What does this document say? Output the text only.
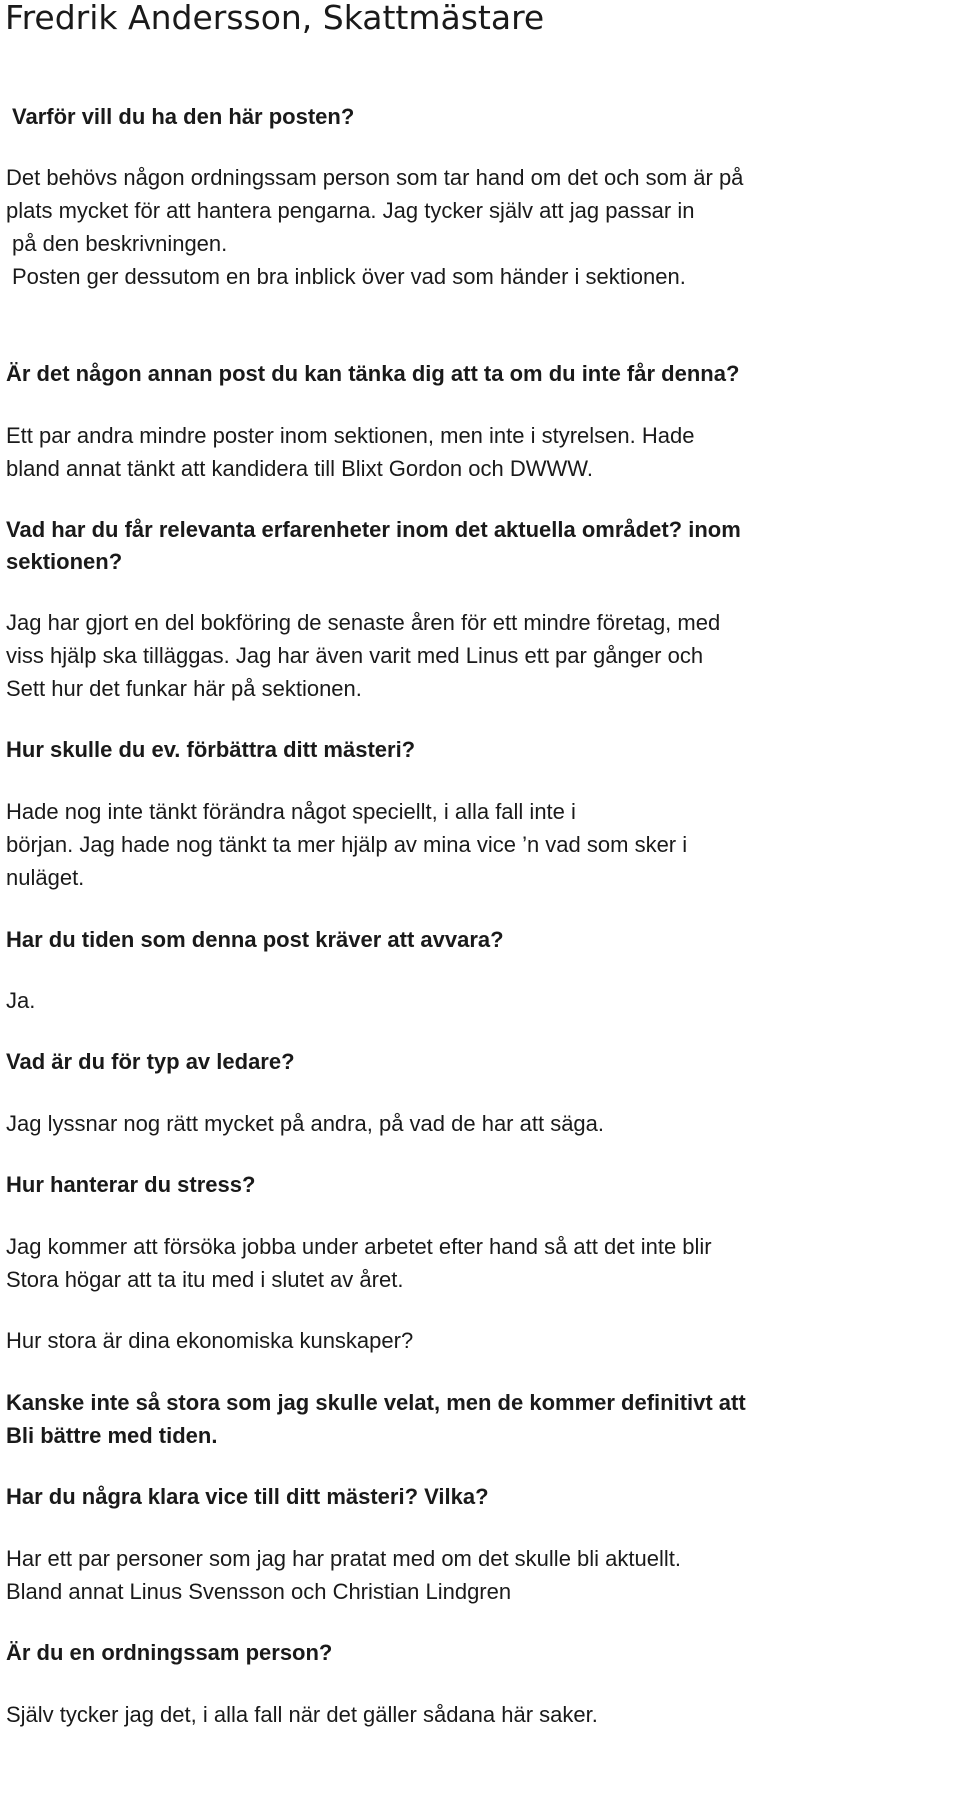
Fredrik Andersson, Skattmästare
Varför vill du ha den här posten?
Det behövs någon ordningssam person som tar hand om det och som är på
plats mycket för att hantera pengarna. Jag tycker själv att jag passar in
på den beskrivningen.
Posten ger dessutom en bra inblick över vad som händer i sektionen.
Är det någon annan post du kan tänka dig att ta om du inte får denna?
Ett par andra mindre poster inom sektionen, men inte i styrelsen. Hade
bland annat tänkt att kandidera till Blixt Gordon och DWWW.
Vad har du får relevanta erfarenheter inom det aktuella området? inom
sektionen?
Jag har gjort en del bokföring de senaste åren för ett mindre företag, med
viss hjälp ska tilläggas. Jag har även varit med Linus ett par gånger och
Sett hur det funkar här på sektionen.
Hur skulle du ev. förbättra ditt mästeri?
Hade nog inte tänkt förändra något speciellt, i alla fall inte i
början. Jag hade nog tänkt ta mer hjälp av mina vice ’n vad som sker i
nuläget.
Har du tiden som denna post kräver att avvara?
Ja.
Vad är du för typ av ledare?
Jag lyssnar nog rätt mycket på andra, på vad de har att säga.
Hur hanterar du stress?
Jag kommer att försöka jobba under arbetet efter hand så att det inte blir
Stora högar att ta itu med i slutet av året.
Hur stora är dina ekonomiska kunskaper?
Kanske inte så stora som jag skulle velat, men de kommer definitivt att
Bli bättre med tiden.
Har du några klara vice till ditt mästeri? Vilka?
Har ett par personer som jag har pratat med om det skulle bli aktuellt.
Bland annat Linus Svensson och Christian Lindgren
Är du en ordningssam person?
Själv tycker jag det, i alla fall när det gäller sådana här saker.
